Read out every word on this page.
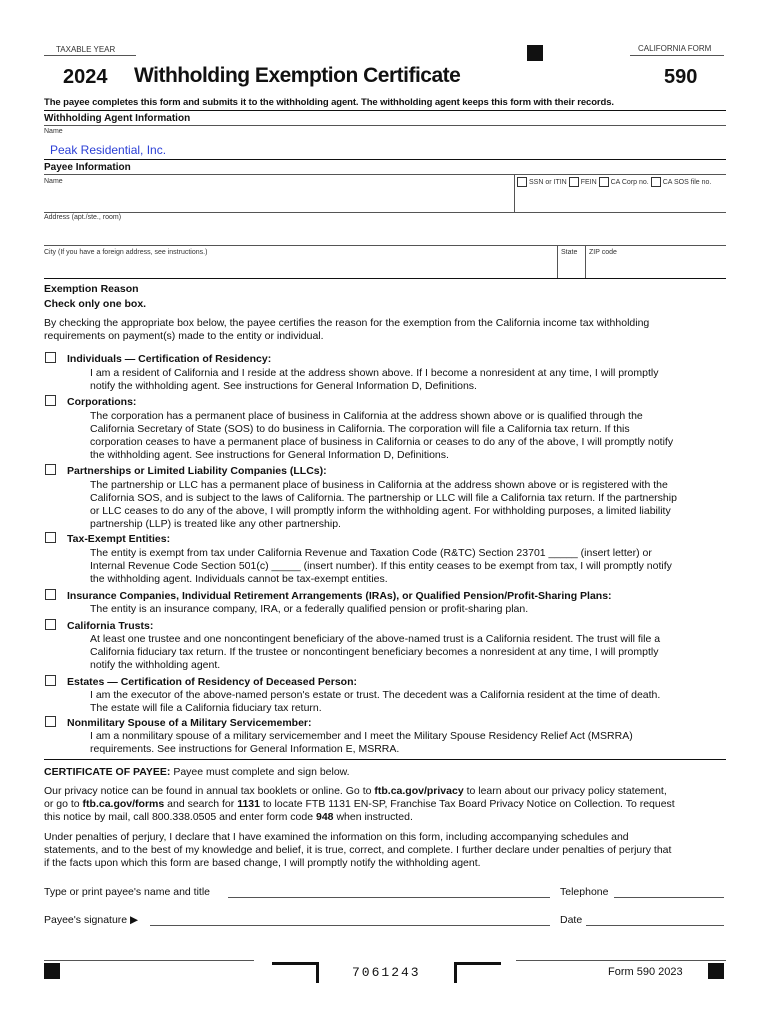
TAXABLE YEAR	CALIFORNIA FORM
2024 Withholding Exemption Certificate	590
The payee completes this form and submits it to the withholding agent. The withholding agent keeps this form with their records.
Withholding Agent Information
Name
Peak Residential, Inc.
Payee Information
Name	SSN or ITIN FEIN CA Corp no. CA SOS file no.
Address (apt./ste., room)
City (If you have a foreign address, see instructions.)	State ZIP code
Exemption Reason
Check only one box.
By checking the appropriate box below, the payee certifies the reason for the exemption from the California income tax withholding
requirements on payment(s) made to the entity or individual.
Individuals — Certification of Residency:
I am a resident of California and I reside at the address shown above. If I become a nonresident at any time, I will promptly
notify the withholding agent. See instructions for General Information D, Definitions.
Corporations:
The corporation has a permanent place of business in California at the address shown above or is qualified through the
California Secretary of State (SOS) to do business in California. The corporation will file a California tax return. If this
corporation ceases to have a permanent place of business in California or ceases to do any of the above, I will promptly notify
the withholding agent. See instructions for General Information D, Definitions.
Partnerships or Limited Liability Companies (LLCs):
The partnership or LLC has a permanent place of business in California at the address shown above or is registered with the
California SOS, and is subject to the laws of California. The partnership or LLC will file a California tax return. If the partnership
or LLC ceases to do any of the above, I will promptly inform the withholding agent. For withholding purposes, a limited liability
partnership (LLP) is treated like any other partnership.
Tax-Exempt Entities:
The entity is exempt from tax under California Revenue and Taxation Code (R&TC) Section 23701 _____ (insert letter) or
Internal Revenue Code Section 501(c) _____ (insert number). If this entity ceases to be exempt from tax, I will promptly notify
the withholding agent. Individuals cannot be tax-exempt entities.
Insurance Companies, Individual Retirement Arrangements (IRAs), or Qualified Pension/Profit-Sharing Plans:
The entity is an insurance company, IRA, or a federally qualified pension or profit-sharing plan.
California Trusts:
At least one trustee and one noncontingent beneficiary of the above-named trust is a California resident. The trust will file a
California fiduciary tax return. If the trustee or noncontingent beneficiary becomes a nonresident at any time, I will promptly
notify the withholding agent.
Estates — Certification of Residency of Deceased Person:
I am the executor of the above-named person's estate or trust. The decedent was a California resident at the time of death.
The estate will file a California fiduciary tax return.
Nonmilitary Spouse of a Military Servicemember:
I am a nonmilitary spouse of a military servicemember and I meet the Military Spouse Residency Relief Act (MSRRA)
requirements. See instructions for General Information E, MSRRA.
CERTIFICATE OF PAYEE: Payee must complete and sign below.
Our privacy notice can be found in annual tax booklets or online. Go to ftb.ca.gov/privacy to learn about our privacy policy statement,
or go to ftb.ca.gov/forms and search for 1131 to locate FTB 1131 EN-SP, Franchise Tax Board Privacy Notice on Collection. To request
this notice by mail, call 800.338.0505 and enter form code 948 when instructed.
Under penalties of perjury, I declare that I have examined the information on this form, including accompanying schedules and
statements, and to the best of my knowledge and belief, it is true, correct, and complete. I further declare under penalties of perjury that
if the facts upon which this form are based change, I will promptly notify the withholding agent.
Type or print payee's name and title	Telephone
Payee's signature ▶	Date
7061243	Form 590 2023
